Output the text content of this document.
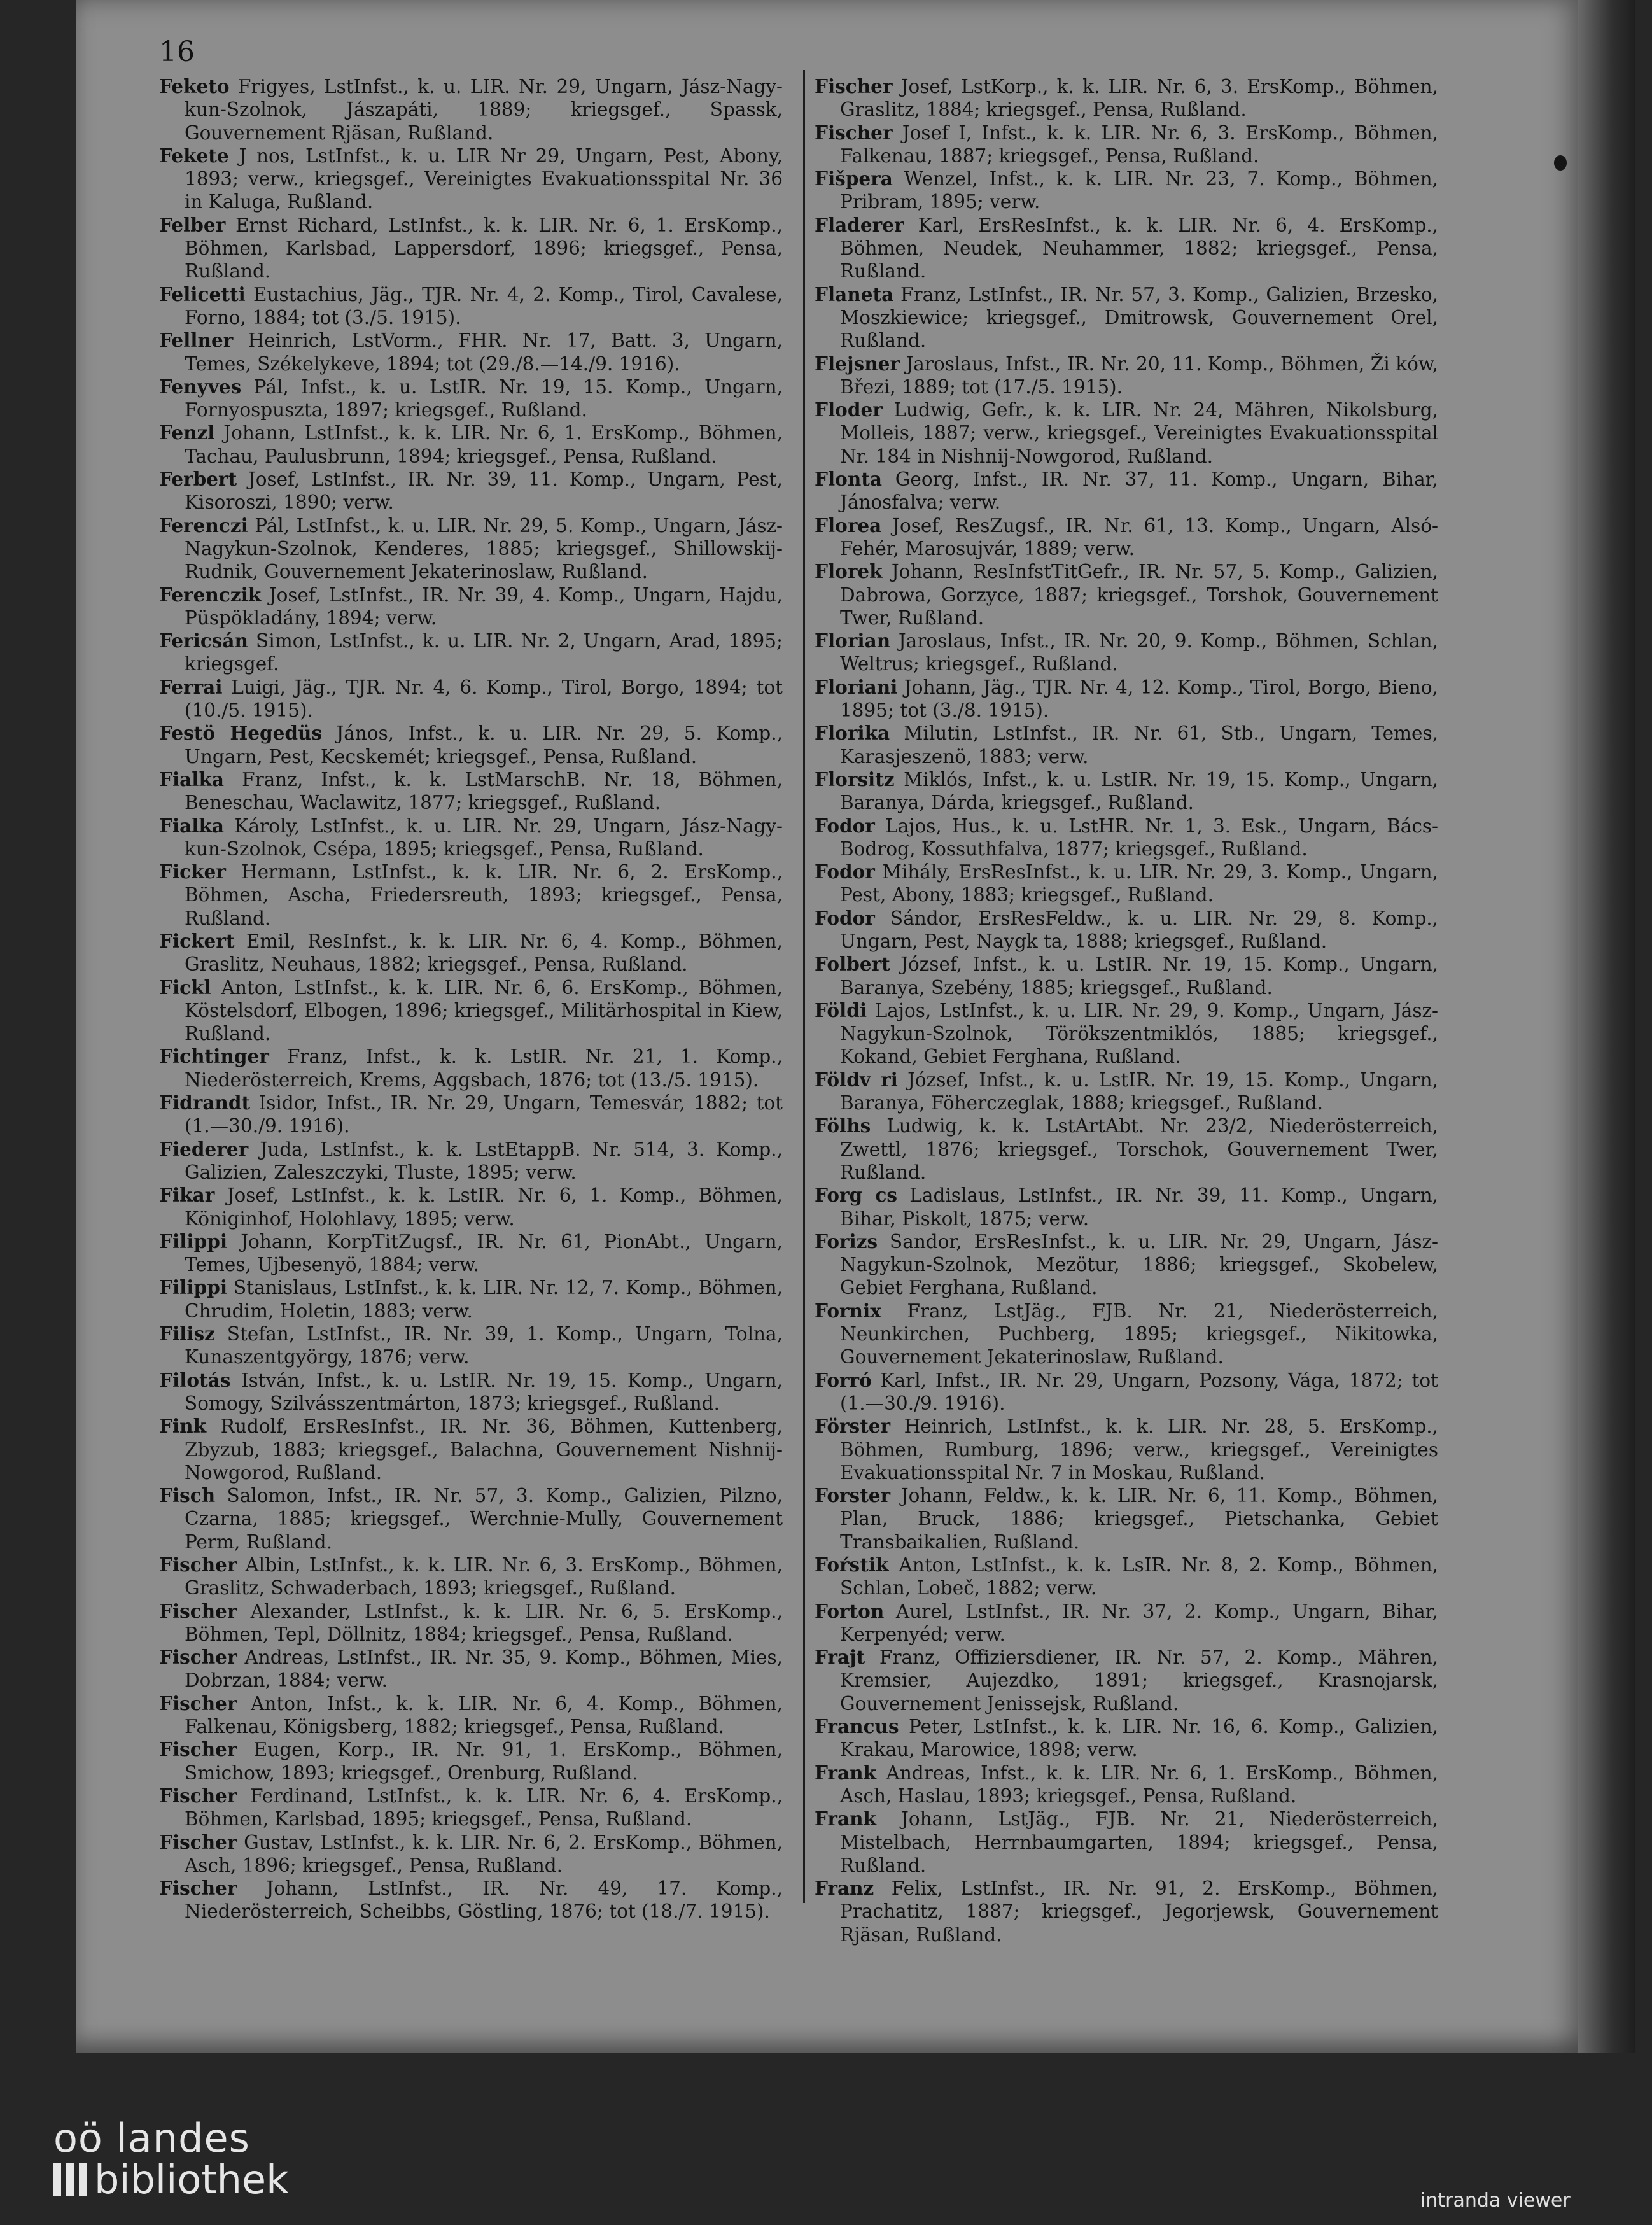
16

Feketo Frigyes, LstInfst., k. u. LIR. Nr. 29, Ungarn, Jász-Nagy-kun-Szolnok, Jászapáti, 1889; kriegsgef., Spassk, Gouvernement Rjäsan, Rußland.

Fekete J nos, LstInfst., k. u. LIR Nr 29, Ungarn, Pest, Abony, 1893; verw., kriegsgef., Vereinigtes Evakuationsspital Nr. 36 in Kaluga, Rußland.

Felber Ernst Richard, LstInfst., k. k. LIR. Nr. 6, 1. ErsKomp., Böhmen, Karlsbad, Lappersdorf, 1896; kriegsgef., Pensa, Rußland.

Felicetti Eustachius, Jäg., TJR. Nr. 4, 2. Komp., Tirol, Cavalese, Forno, 1884; tot (3./5. 1915).

Fellner Heinrich, LstVorm., FHR. Nr. 17, Batt. 3, Ungarn, Temes, Székelykeve, 1894; tot (29./8.—14./9. 1916).

Fenyves Pál, Infst., k. u. LstIR. Nr. 19, 15. Komp., Ungarn, Fornyospuszta, 1897; kriegsgef., Rußland.

Fenzl Johann, LstInfst., k. k. LIR. Nr. 6, 1. ErsKomp., Böhmen, Tachau, Paulusbrunn, 1894; kriegsgef., Pensa, Rußland.

Ferbert Josef, LstInfst., IR. Nr. 39, 11. Komp., Ungarn, Pest, Kisoroszi, 1890; verw.

Ferenczi Pál, LstInfst., k. u. LIR. Nr. 29, 5. Komp., Ungarn, Jász-Nagykun-Szolnok, Kenderes, 1885; kriegsgef., Shillowskij-Rudnik, Gouvernement Jekaterinoslaw, Rußland.

Ferenczik Josef, LstInfst., IR. Nr. 39, 4. Komp., Ungarn, Hajdu, Püspökladány, 1894; verw.

Fericsán Simon, LstInfst., k. u. LIR. Nr. 2, Ungarn, Arad, 1895; kriegsgef.

Ferrai Luigi, Jäg., TJR. Nr. 4, 6. Komp., Tirol, Borgo, 1894; tot (10./5. 1915).

Festö Hegedüs János, Infst., k. u. LIR. Nr. 29, 5. Komp., Ungarn, Pest, Kecskemét; kriegsgef., Pensa, Rußland.

Fialka Franz, Infst., k. k. LstMarschB. Nr. 18, Böhmen, Beneschau, Waclawitz, 1877; kriegsgef., Rußland.

Fialka Károly, LstInfst., k. u. LIR. Nr. 29, Ungarn, Jász-Nagy-kun-Szolnok, Csépa, 1895; kriegsgef., Pensa, Rußland.

Ficker Hermann, LstInfst., k. k. LIR. Nr. 6, 2. ErsKomp., Böhmen, Ascha, Friedersreuth, 1893; kriegsgef., Pensa, Rußland.

Fickert Emil, ResInfst., k. k. LIR. Nr. 6, 4. Komp., Böhmen, Graslitz, Neuhaus, 1882; kriegsgef., Pensa, Rußland.

Fickl Anton, LstInfst., k. k. LIR. Nr. 6, 6. ErsKomp., Böhmen, Köstelsdorf, Elbogen, 1896; kriegsgef., Militärhospital in Kiew, Rußland.

Fichtinger Franz, Infst., k. k. LstIR. Nr. 21, 1. Komp., Niederösterreich, Krems, Aggsbach, 1876; tot (13./5. 1915).

Fidrandt Isidor, Infst., IR. Nr. 29, Ungarn, Temesvár, 1882; tot (1.—30./9. 1916).

Fiederer Juda, LstInfst., k. k. LstEtappB. Nr. 514, 3. Komp., Galizien, Zaleszczyki, Tluste, 1895; verw.

Fikar Josef, LstInfst., k. k. LstIR. Nr. 6, 1. Komp., Böhmen, Königinhof, Holohlavy, 1895; verw.

Filippi Johann, KorpTitZugsf., IR. Nr. 61, PionAbt., Ungarn, Temes, Ujbesenyö, 1884; verw.

Filippi Stanislaus, LstInfst., k. k. LIR. Nr. 12, 7. Komp., Böhmen, Chrudim, Holetin, 1883; verw.

Filisz Stefan, LstInfst., IR. Nr. 39, 1. Komp., Ungarn, Tolna, Kunaszentgyörgy, 1876; verw.

Filotás István, Infst., k. u. LstIR. Nr. 19, 15. Komp., Ungarn, Somogy, Szilvásszentmárton, 1873; kriegsgef., Rußland.

Fink Rudolf, ErsResInfst., IR. Nr. 36, Böhmen, Kuttenberg, Zbyzub, 1883; kriegsgef., Balachna, Gouvernement Nishnij-Nowgorod, Rußland.

Fisch Salomon, Infst., IR. Nr. 57, 3. Komp., Galizien, Pilzno, Czarna, 1885; kriegsgef., Werchnie-Mully, Gouvernement Perm, Rußland.

Fischer Albin, LstInfst., k. k. LIR. Nr. 6, 3. ErsKomp., Böhmen, Graslitz, Schwaderbach, 1893; kriegsgef., Rußland.

Fischer Alexander, LstInfst., k. k. LIR. Nr. 6, 5. ErsKomp., Böhmen, Tepl, Döllnitz, 1884; kriegsgef., Pensa, Rußland.

Fischer Andreas, LstInfst., IR. Nr. 35, 9. Komp., Böhmen, Mies, Dobrzan, 1884; verw.

Fischer Anton, Infst., k. k. LIR. Nr. 6, 4. Komp., Böhmen, Falkenau, Königsberg, 1882; kriegsgef., Pensa, Rußland.

Fischer Eugen, Korp., IR. Nr. 91, 1. ErsKomp., Böhmen, Smichow, 1893; kriegsgef., Orenburg, Rußland.

Fischer Ferdinand, LstInfst., k. k. LIR. Nr. 6, 4. ErsKomp., Böhmen, Karlsbad, 1895; kriegsgef., Pensa, Rußland.

Fischer Gustav, LstInfst., k. k. LIR. Nr. 6, 2. ErsKomp., Böhmen, Asch, 1896; kriegsgef., Pensa, Rußland.

Fischer Johann, LstInfst., IR. Nr. 49, 17. Komp., Niederösterreich, Scheibbs, Göstling, 1876; tot (18./7. 1915).

Fischer Josef, LstKorp., k. k. LIR. Nr. 6, 3. ErsKomp., Böhmen, Graslitz, 1884; kriegsgef., Pensa, Rußland.

Fischer Josef I, Infst., k. k. LIR. Nr. 6, 3. ErsKomp., Böhmen, Falkenau, 1887; kriegsgef., Pensa, Rußland.

Fišpera Wenzel, Infst., k. k. LIR. Nr. 23, 7. Komp., Böhmen, Pribram, 1895; verw.

Fladerer Karl, ErsResInfst., k. k. LIR. Nr. 6, 4. ErsKomp., Böhmen, Neudek, Neuhammer, 1882; kriegsgef., Pensa, Rußland.

Flaneta Franz, LstInfst., IR. Nr. 57, 3. Komp., Galizien, Brzesko, Moszkiewice; kriegsgef., Dmitrowsk, Gouvernement Orel, Rußland.

Flejsner Jaroslaus, Infst., IR. Nr. 20, 11. Komp., Böhmen, Ži ków, Březi, 1889; tot (17./5. 1915).

Floder Ludwig, Gefr., k. k. LIR. Nr. 24, Mähren, Nikolsburg, Molleis, 1887; verw., kriegsgef., Vereinigtes Evakuationsspital Nr. 184 in Nishnij-Nowgorod, Rußland.

Flonta Georg, Infst., IR. Nr. 37, 11. Komp., Ungarn, Bihar, Jánosfalva; verw.

Florea Josef, ResZugsf., IR. Nr. 61, 13. Komp., Ungarn, Alsó-Fehér, Marosujvár, 1889; verw.

Florek Johann, ResInfstTitGefr., IR. Nr. 57, 5. Komp., Galizien, Dabrowa, Gorzyce, 1887; kriegsgef., Torshok, Gouvernement Twer, Rußland.

Florian Jaroslaus, Infst., IR. Nr. 20, 9. Komp., Böhmen, Schlan, Weltrus; kriegsgef., Rußland.

Floriani Johann, Jäg., TJR. Nr. 4, 12. Komp., Tirol, Borgo, Bieno, 1895; tot (3./8. 1915).

Florika Milutin, LstInfst., IR. Nr. 61, Stb., Ungarn, Temes, Karasjeszenö, 1883; verw.

Florsitz Miklós, Infst., k. u. LstIR. Nr. 19, 15. Komp., Ungarn, Baranya, Dárda, kriegsgef., Rußland.

Fodor Lajos, Hus., k. u. LstHR. Nr. 1, 3. Esk., Ungarn, Bács-Bodrog, Kossuthfalva, 1877; kriegsgef., Rußland.

Fodor Mihály, ErsResInfst., k. u. LIR. Nr. 29, 3. Komp., Ungarn, Pest, Abony, 1883; kriegsgef., Rußland.

Fodor Sándor, ErsResFeldw., k. u. LIR. Nr. 29, 8. Komp., Ungarn, Pest, Naygk ta, 1888; kriegsgef., Rußland.

Folbert József, Infst., k. u. LstIR. Nr. 19, 15. Komp., Ungarn, Baranya, Szebény, 1885; kriegsgef., Rußland.

Földi Lajos, LstInfst., k. u. LIR. Nr. 29, 9. Komp., Ungarn, Jász-Nagykun-Szolnok, Törökszentmiklós, 1885; kriegsgef., Kokand, Gebiet Ferghana, Rußland.

Földv ri József, Infst., k. u. LstIR. Nr. 19, 15. Komp., Ungarn, Baranya, Föherczeglak, 1888; kriegsgef., Rußland.

Fölhs Ludwig, k. k. LstArtAbt. Nr. 23/2, Niederösterreich, Zwettl, 1876; kriegsgef., Torschok, Gouvernement Twer, Rußland.

Forg cs Ladislaus, LstInfst., IR. Nr. 39, 11. Komp., Ungarn, Bihar, Piskolt, 1875; verw.

Forizs Sandor, ErsResInfst., k. u. LIR. Nr. 29, Ungarn, Jász-Nagykun-Szolnok, Mezötur, 1886; kriegsgef., Skobelew, Gebiet Ferghana, Rußland.

Fornix Franz, LstJäg., FJB. Nr. 21, Niederösterreich, Neunkirchen, Puchberg, 1895; kriegsgef., Nikitowka, Gouvernement Jekaterinoslaw, Rußland.

Forró Karl, Infst., IR. Nr. 29, Ungarn, Pozsony, Vága, 1872; tot (1.—30./9. 1916).

Förster Heinrich, LstInfst., k. k. LIR. Nr. 28, 5. ErsKomp., Böhmen, Rumburg, 1896; verw., kriegsgef., Vereinigtes Evakuationsspital Nr. 7 in Moskau, Rußland.

Forster Johann, Feldw., k. k. LIR. Nr. 6, 11. Komp., Böhmen, Plan, Bruck, 1886; kriegsgef., Pietschanka, Gebiet Transbaikalien, Rußland.

Foŕstik Anton, LstInfst., k. k. LsIR. Nr. 8, 2. Komp., Böhmen, Schlan, Lobeč, 1882; verw.

Forton Aurel, LstInfst., IR. Nr. 37, 2. Komp., Ungarn, Bihar, Kerpenyéd; verw.

Frajt Franz, Offiziersdiener, IR. Nr. 57, 2. Komp., Mähren, Kremsier, Aujezdko, 1891; kriegsgef., Krasnojarsk, Gouvernement Jenissejsk, Rußland.

Francus Peter, LstInfst., k. k. LIR. Nr. 16, 6. Komp., Galizien, Krakau, Marowice, 1898; verw.

Frank Andreas, Infst., k. k. LIR. Nr. 6, 1. ErsKomp., Böhmen, Asch, Haslau, 1893; kriegsgef., Pensa, Rußland.

Frank Johann, LstJäg., FJB. Nr. 21, Niederösterreich, Mistelbach, Herrnbaumgarten, 1894; kriegsgef., Pensa, Rußland.

Franz Felix, LstInfst., IR. Nr. 91, 2. ErsKomp., Böhmen, Prachatitz, 1887; kriegsgef., Jegorjewsk, Gouvernement Rjäsan, Rußland.

oö landes
bibliothek	intranda viewer
